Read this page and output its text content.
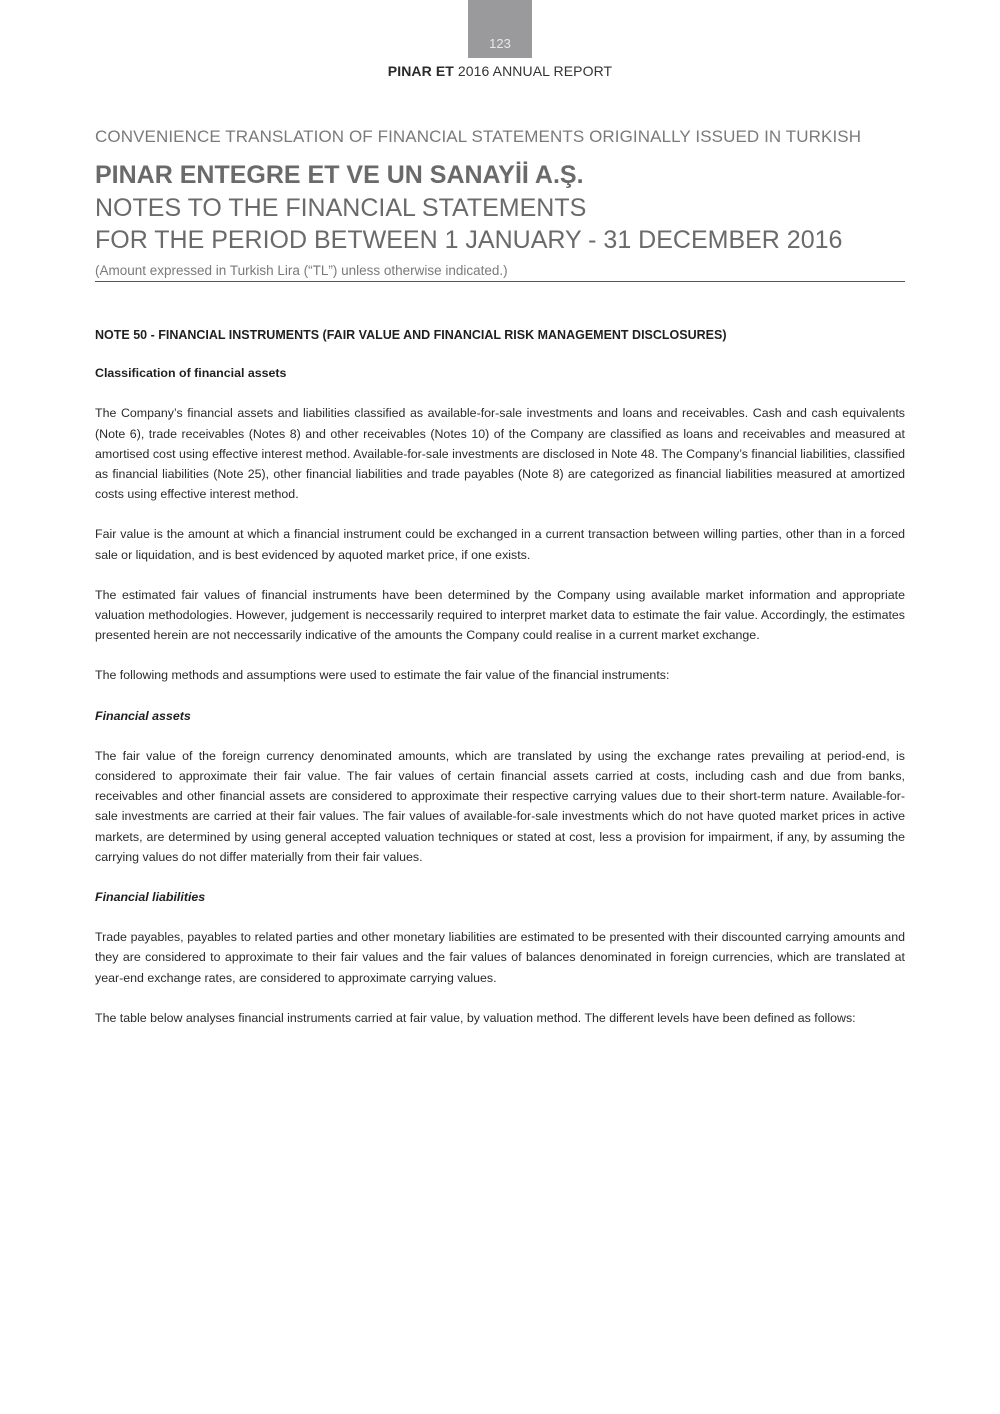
123
PINAR ET 2016 ANNUAL REPORT
CONVENIENCE TRANSLATION OF FINANCIAL STATEMENTS ORIGINALLY ISSUED IN TURKISH
PINAR ENTEGRE ET VE UN SANAYİİ A.Ş.
NOTES TO THE FINANCIAL STATEMENTS
FOR THE PERIOD BETWEEN 1 JANUARY - 31 DECEMBER 2016
(Amount expressed in Turkish Lira (“TL”) unless otherwise indicated.)
NOTE 50 - FINANCIAL INSTRUMENTS (FAIR VALUE AND FINANCIAL RISK MANAGEMENT DISCLOSURES)
Classification of financial assets

The Company’s financial assets and liabilities classified as available-for-sale investments and loans and receivables. Cash and cash equivalents (Note 6), trade receivables (Notes 8) and other receivables (Notes 10) of the Company are classified as loans and receivables and measured at amortised cost using effective interest method. Available-for-sale investments are disclosed in Note 48. The Company’s financial liabilities, classified as financial liabilities (Note 25), other financial liabilities and trade payables (Note 8) are categorized as financial liabilities measured at amortized costs using effective interest method.

Fair value is the amount at which a financial instrument could be exchanged in a current transaction between willing parties, other than in a forced sale or liquidation, and is best evidenced by aquoted market price, if one exists.

The estimated fair values of financial instruments have been determined by the Company using available market information and appropriate valuation methodologies. However, judgement is neccessarily required to interpret market data to estimate the fair value. Accordingly, the estimates presented herein are not neccessarily indicative of the amounts the Company could realise in a current market exchange.

The following methods and assumptions were used to estimate the fair value of the financial instruments:

Financial assets

The fair value of the foreign currency denominated amounts, which are translated by using the exchange rates prevailing at period-end, is considered to approximate their fair value. The fair values of certain financial assets carried at costs, including cash and due from banks, receivables and other financial assets are considered to approximate their respective carrying values due to their short-term nature. Available-for-sale investments are carried at their fair values. The fair values of available-for-sale investments which do not have quoted market prices in active markets, are determined by using general accepted valuation techniques or stated at cost, less a provision for impairment, if any, by assuming the carrying values do not differ materially from their fair values.

Financial liabilities

Trade payables, payables to related parties and other monetary liabilities are estimated to be presented with their discounted carrying amounts and they are considered to approximate to their fair values and the fair values of balances denominated in foreign currencies, which are translated at year-end exchange rates, are considered to approximate carrying values.

The table below analyses financial instruments carried at fair value, by valuation method. The different levels have been defined as follows:
